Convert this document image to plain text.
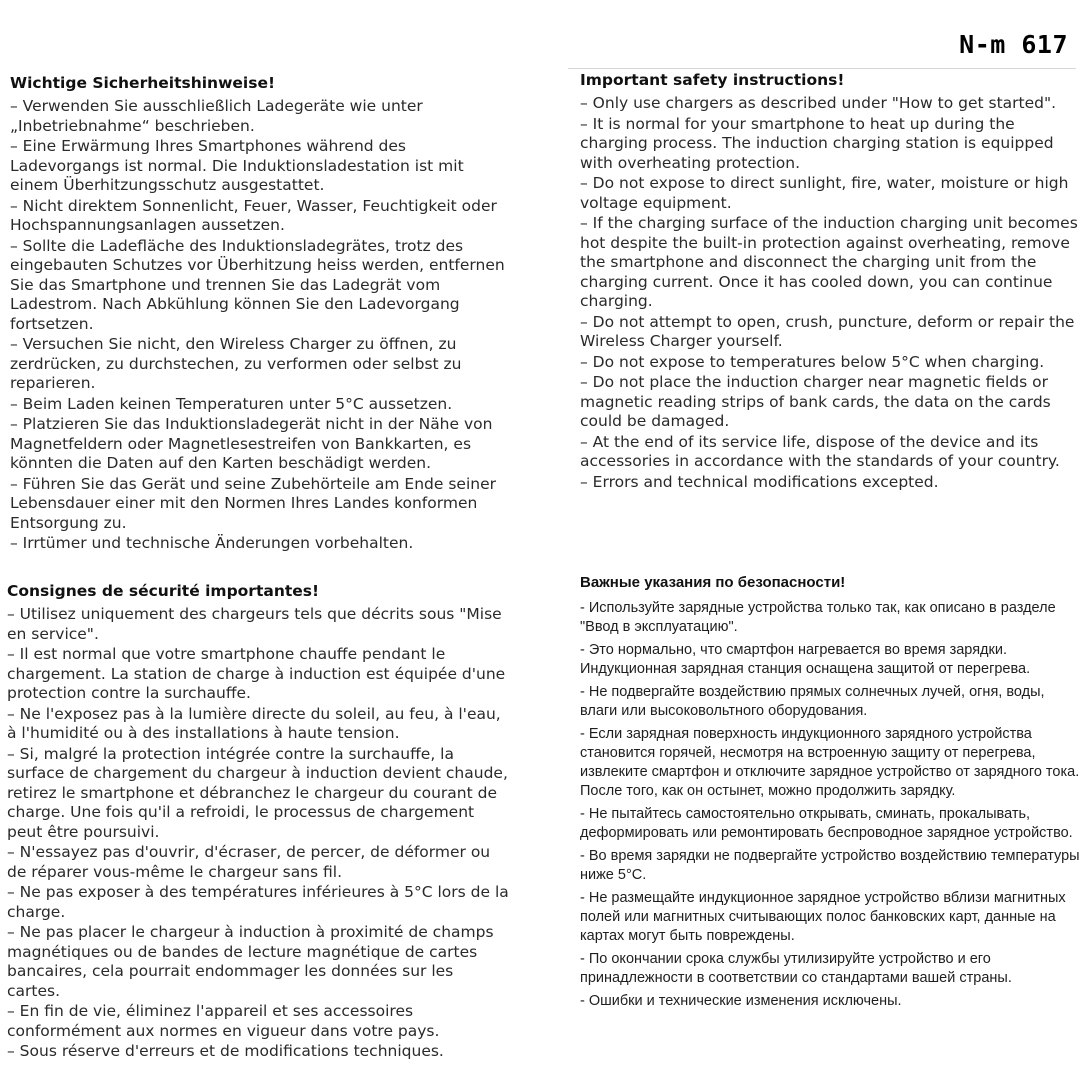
N-m 617
Wichtige Sicherheitshinweise!
– Verwenden Sie ausschließlich Ladegeräte wie unter „Inbetriebnahme“ beschrieben.
– Eine Erwärmung Ihres Smartphones während des Ladevorgangs ist normal. Die Induktionsladestation ist mit einem Überhitzungsschutz ausgestattet.
– Nicht direktem Sonnenlicht, Feuer, Wasser, Feuchtigkeit oder Hochspannungsanlagen aussetzen.
– Sollte die Ladefläche des Induktionsladegrätes, trotz des eingebauten Schutzes vor Überhitzung heiss werden, entfernen Sie das Smartphone und trennen Sie das Ladegrät vom Ladestrom. Nach Abkühlung können Sie den Ladevorgang fortsetzen.
– Versuchen Sie nicht, den Wireless Charger zu öffnen, zu zerdrücken, zu durchstechen, zu verformen oder selbst zu reparieren.
– Beim Laden keinen Temperaturen unter 5°C aussetzen.
– Platzieren Sie das Induktionsladegerät nicht in der Nähe von Magnetfeldern oder Magnetlesestreifen von Bankkarten, es könnten die Daten auf den Karten beschädigt werden.
– Führen Sie das Gerät und seine Zubehörteile am Ende seiner Lebensdauer einer mit den Normen Ihres Landes konformen Entsorgung zu.
– Irrtümer und technische Änderungen vorbehalten.
Important safety instructions!
– Only use chargers as described under "How to get started".
– It is normal for your smartphone to heat up during the charging process. The induction charging station is equipped with overheating protection.
– Do not expose to direct sunlight, fire, water, moisture or high voltage equipment.
– If the charging surface of the induction charging unit becomes hot despite the built-in protection against overheating, remove the smartphone and disconnect the charging unit from the charging current. Once it has cooled down, you can continue charging.
– Do not attempt to open, crush, puncture, deform or repair the Wireless Charger yourself.
– Do not expose to temperatures below 5°C when charging.
– Do not place the induction charger near magnetic fields or magnetic reading strips of bank cards, the data on the cards could be damaged.
– At the end of its service life, dispose of the device and its accessories in accordance with the standards of your country.
– Errors and technical modifications excepted.
Consignes de sécurité importantes!
– Utilisez uniquement des chargeurs tels que décrits sous "Mise en service".
– Il est normal que votre smartphone chauffe pendant le chargement. La station de charge à induction est équipée d'une protection contre la surchauffe.
– Ne l'exposez pas à la lumière directe du soleil, au feu, à l'eau, à l'humidité ou à des installations à haute tension.
– Si, malgré la protection intégrée contre la surchauffe, la surface de chargement du chargeur à induction devient chaude, retirez le smartphone et débranchez le chargeur du courant de charge. Une fois qu'il a refroidi, le processus de chargement peut être poursuivi.
– N'essayez pas d'ouvrir, d'écraser, de percer, de déformer ou de réparer vous-même le chargeur sans fil.
– Ne pas exposer à des températures inférieures à 5°C lors de la charge.
– Ne pas placer le chargeur à induction à proximité de champs magnétiques ou de bandes de lecture magnétique de cartes bancaires, cela pourrait endommager les données sur les cartes.
– En fin de vie, éliminez l'appareil et ses accessoires conformément aux normes en vigueur dans votre pays.
– Sous réserve d'erreurs et de modifications techniques.
Важные указания по безопасности!
- Используйте зарядные устройства только так, как описано в разделе "Ввод в эксплуатацию".
- Это нормально, что смартфон нагревается во время зарядки. Индукционная зарядная станция оснащена защитой от перегрева.
- Не подвергайте воздействию прямых солнечных лучей, огня, воды, влаги или высоковольтного оборудования.
- Если зарядная поверхность индукционного зарядного устройства становится горячей, несмотря на встроенную защиту от перегрева, извлеките смартфон и отключите зарядное устройство от зарядного тока. После того, как он остынет, можно продолжить зарядку.
- Не пытайтесь самостоятельно открывать, сминать, прокалывать, деформировать или ремонтировать беспроводное зарядное устройство.
- Во время зарядки не подвергайте устройство воздействию температуры ниже 5°C.
- Не размещайте индукционное зарядное устройство вблизи магнитных полей или магнитных считывающих полос банковских карт, данные на картах могут быть повреждены.
- По окончании срока службы утилизируйте устройство и его принадлежности в соответствии со стандартами вашей страны.
- Ошибки и технические изменения исключены.
